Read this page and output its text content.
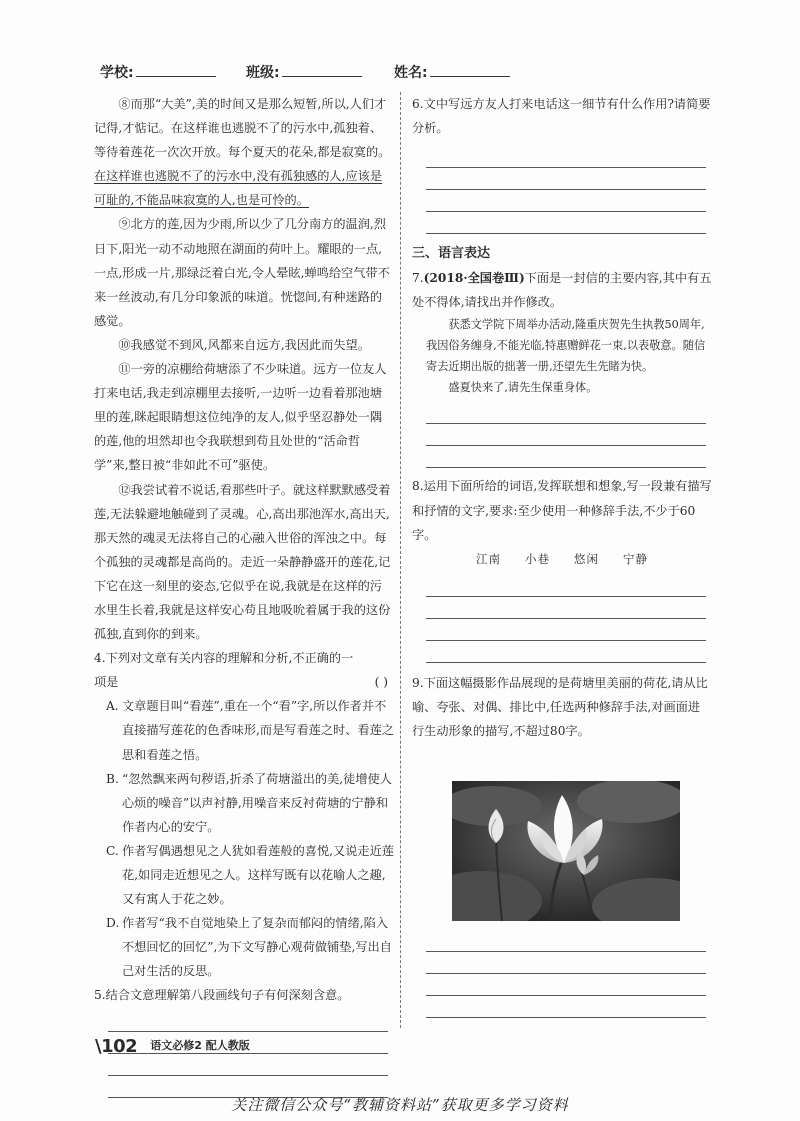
学校:	班级:	姓名:

⑧而那“大美”,美的时间又是那么短暂,所以,人们才记得,才惦记。在这样谁也逃脱不了的污水中,孤独着、等待着莲花一次次开放。每个夏天的花朵,都是寂寞的。在这样谁也逃脱不了的污水中,没有孤独感的人,应该是可耻的,不能品味寂寞的人,也是可怜的。

⑨北方的莲,因为少雨,所以少了几分南方的温润,烈日下,阳光一动不动地照在湖面的荷叶上。耀眼的一点,一点,形成一片,那绿泛着白光,令人晕眩,蝉鸣给空气带不来一丝波动,有几分印象派的味道。恍惚间,有种迷路的感觉。

⑩我感觉不到风,风都来自远方,我因此而失望。

⑪一旁的凉棚给荷塘添了不少味道。远方一位友人打来电话,我走到凉棚里去接听,一边听一边看着那池塘里的莲,眯起眼睛想这位纯净的友人,似乎坚忍静处一隅的莲,他的坦然却也令我联想到苟且处世的“活命哲学”来,整日被“非如此不可”驱使。

⑫我尝试着不说话,看那些叶子。就这样默默感受着莲,无法躲避地触碰到了灵魂。心,高出那池浑水,高出天,那天然的魂灵无法将自己的心融入世俗的浑浊之中。每个孤独的灵魂都是高尚的。走近一朵静静盛开的莲花,记下它在这一刻里的姿态,它似乎在说,我就是在这样的污水里生长着,我就是这样安心苟且地吸吮着属于我的这份孤独,直到你的到来。

4.下列对文章有关内容的理解和分析,不正确的一项是	( )

A. 文章题目叫“看莲”,重在一个“看”字,所以作者并不直接描写莲花的色香味形,而是写看莲之时、看莲之思和看莲之悟。

B. “忽然飘来两句秽语,折杀了荷塘溢出的美,徒增使人心烦的噪音”以声衬静,用噪音来反衬荷塘的宁静和作者内心的安宁。

C. 作者写偶遇想见之人犹如看莲般的喜悦,又说走近莲花,如同走近想见之人。这样写既有以花喻人之趣,又有寓人于花之妙。

D. 作者写“我不自觉地染上了复杂而郁闷的情绪,陷入不想回忆的回忆”,为下文写静心观荷做铺垫,写出自己对生活的反思。

5.结合文意理解第八段画线句子有何深刻含意。

6.文中写远方友人打来电话这一细节有什么作用?请简要分析。

三、语言表达

7.(2018·全国卷Ⅲ)下面是一封信的主要内容,其中有五处不得体,请找出并作修改。

获悉文学院下周举办活动,隆重庆贺先生执教50周年,我因俗务缠身,不能光临,特惠赠鲜花一束,以表敬意。随信寄去近期出版的拙著一册,还望先生先睹为快。

盛夏快来了,请先生保重身体。

8.运用下面所给的词语,发挥联想和想象,写一段兼有描写和抒情的文字,要求:至少使用一种修辞手法,不少于60字。

江南 小巷 悠闲 宁静

9.下面这幅摄影作品展现的是荷塘里美丽的荷花,请从比喻、夸张、对偶、排比中,任选两种修辞手法,对画面进行生动形象的描写,不超过80字。

\102 语文必修2 配人教版
关注微信公众号“教辅资料站”获取更多学习资料
